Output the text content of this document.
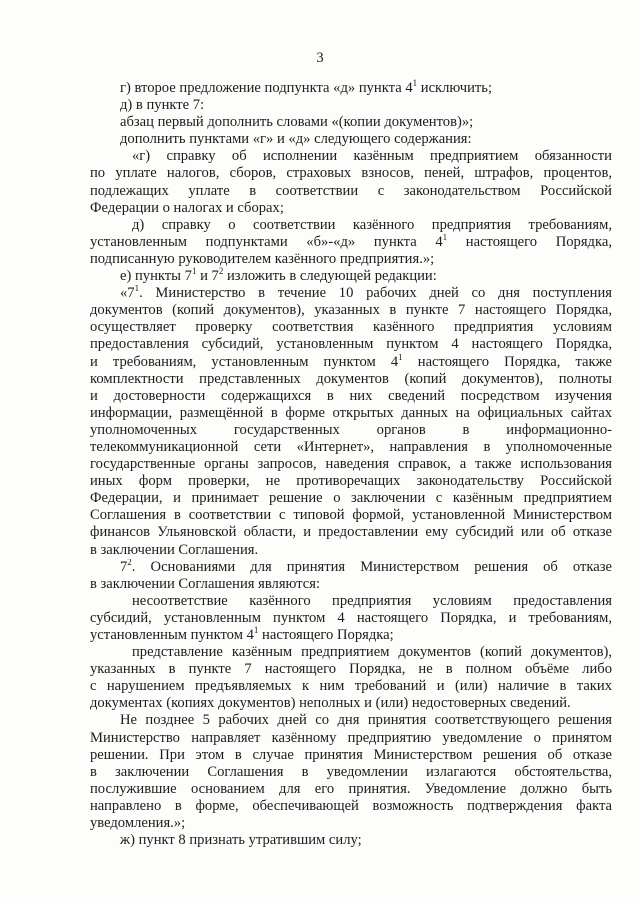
3
г) второе предложение подпункта «д» пункта $4^1$ исключить;
д) в пункте 7:
абзац первый дополнить словами «(копии документов)»;
дополнить пунктами «г» и «д» следующего содержания:
«г) справку об исполнении казённым предприятием обязанности
по уплате налогов, сборов, страховых взносов, пеней, штрафов, процентов,
подлежащих уплате в соответствии с законодательством Российской
Федерации о налогах и сборах;
д) справку о соответствии казённого предприятия требованиям,
установленным подпунктами «б»-«д» пункта $4^1$ настоящего Порядка,
подписанную руководителем казённого предприятия.»;
е) пункты $7^1$ и $7^2$ изложить в следующей редакции:
«$7^1$. Министерство в течение 10 рабочих дней со дня поступления
документов (копий документов), указанных в пункте 7 настоящего Порядка,
осуществляет проверку соответствия казённого предприятия условиям
предоставления субсидий, установленным пунктом 4 настоящего Порядка,
и требованиям, установленным пунктом $4^1$ настоящего Порядка, также
комплектности представленных документов (копий документов), полноты
и достоверности содержащихся в них сведений посредством изучения
информации, размещённой в форме открытых данных на официальных сайтах
уполномоченных государственных органов в информационно-
телекоммуникационной сети «Интернет», направления в уполномоченные
государственные органы запросов, наведения справок, а также использования
иных форм проверки, не противоречащих законодательству Российской
Федерации, и принимает решение о заключении с казённым предприятием
Соглашения в соответствии с типовой формой, установленной Министерством
финансов Ульяновской области, и предоставлении ему субсидий или об отказе
в заключении Соглашения.
$7^2$. Основаниями для принятия Министерством решения об отказе
в заключении Соглашения являются:
несоответствие казённого предприятия условиям предоставления
субсидий, установленным пунктом 4 настоящего Порядка, и требованиям,
установленным пунктом $4^1$ настоящего Порядка;
представление казённым предприятием документов (копий документов),
указанных в пункте 7 настоящего Порядка, не в полном объёме либо
с нарушением предъявляемых к ним требований и (или) наличие в таких
документах (копиях документов) неполных и (или) недостоверных сведений.
Не позднее 5 рабочих дней со дня принятия соответствующего решения
Министерство направляет казённому предприятию уведомление о принятом
решении. При этом в случае принятия Министерством решения об отказе
в заключении Соглашения в уведомлении излагаются обстоятельства,
послужившие основанием для его принятия. Уведомление должно быть
направлено в форме, обеспечивающей возможность подтверждения факта
уведомления.»;
ж) пункт 8 признать утратившим силу;
